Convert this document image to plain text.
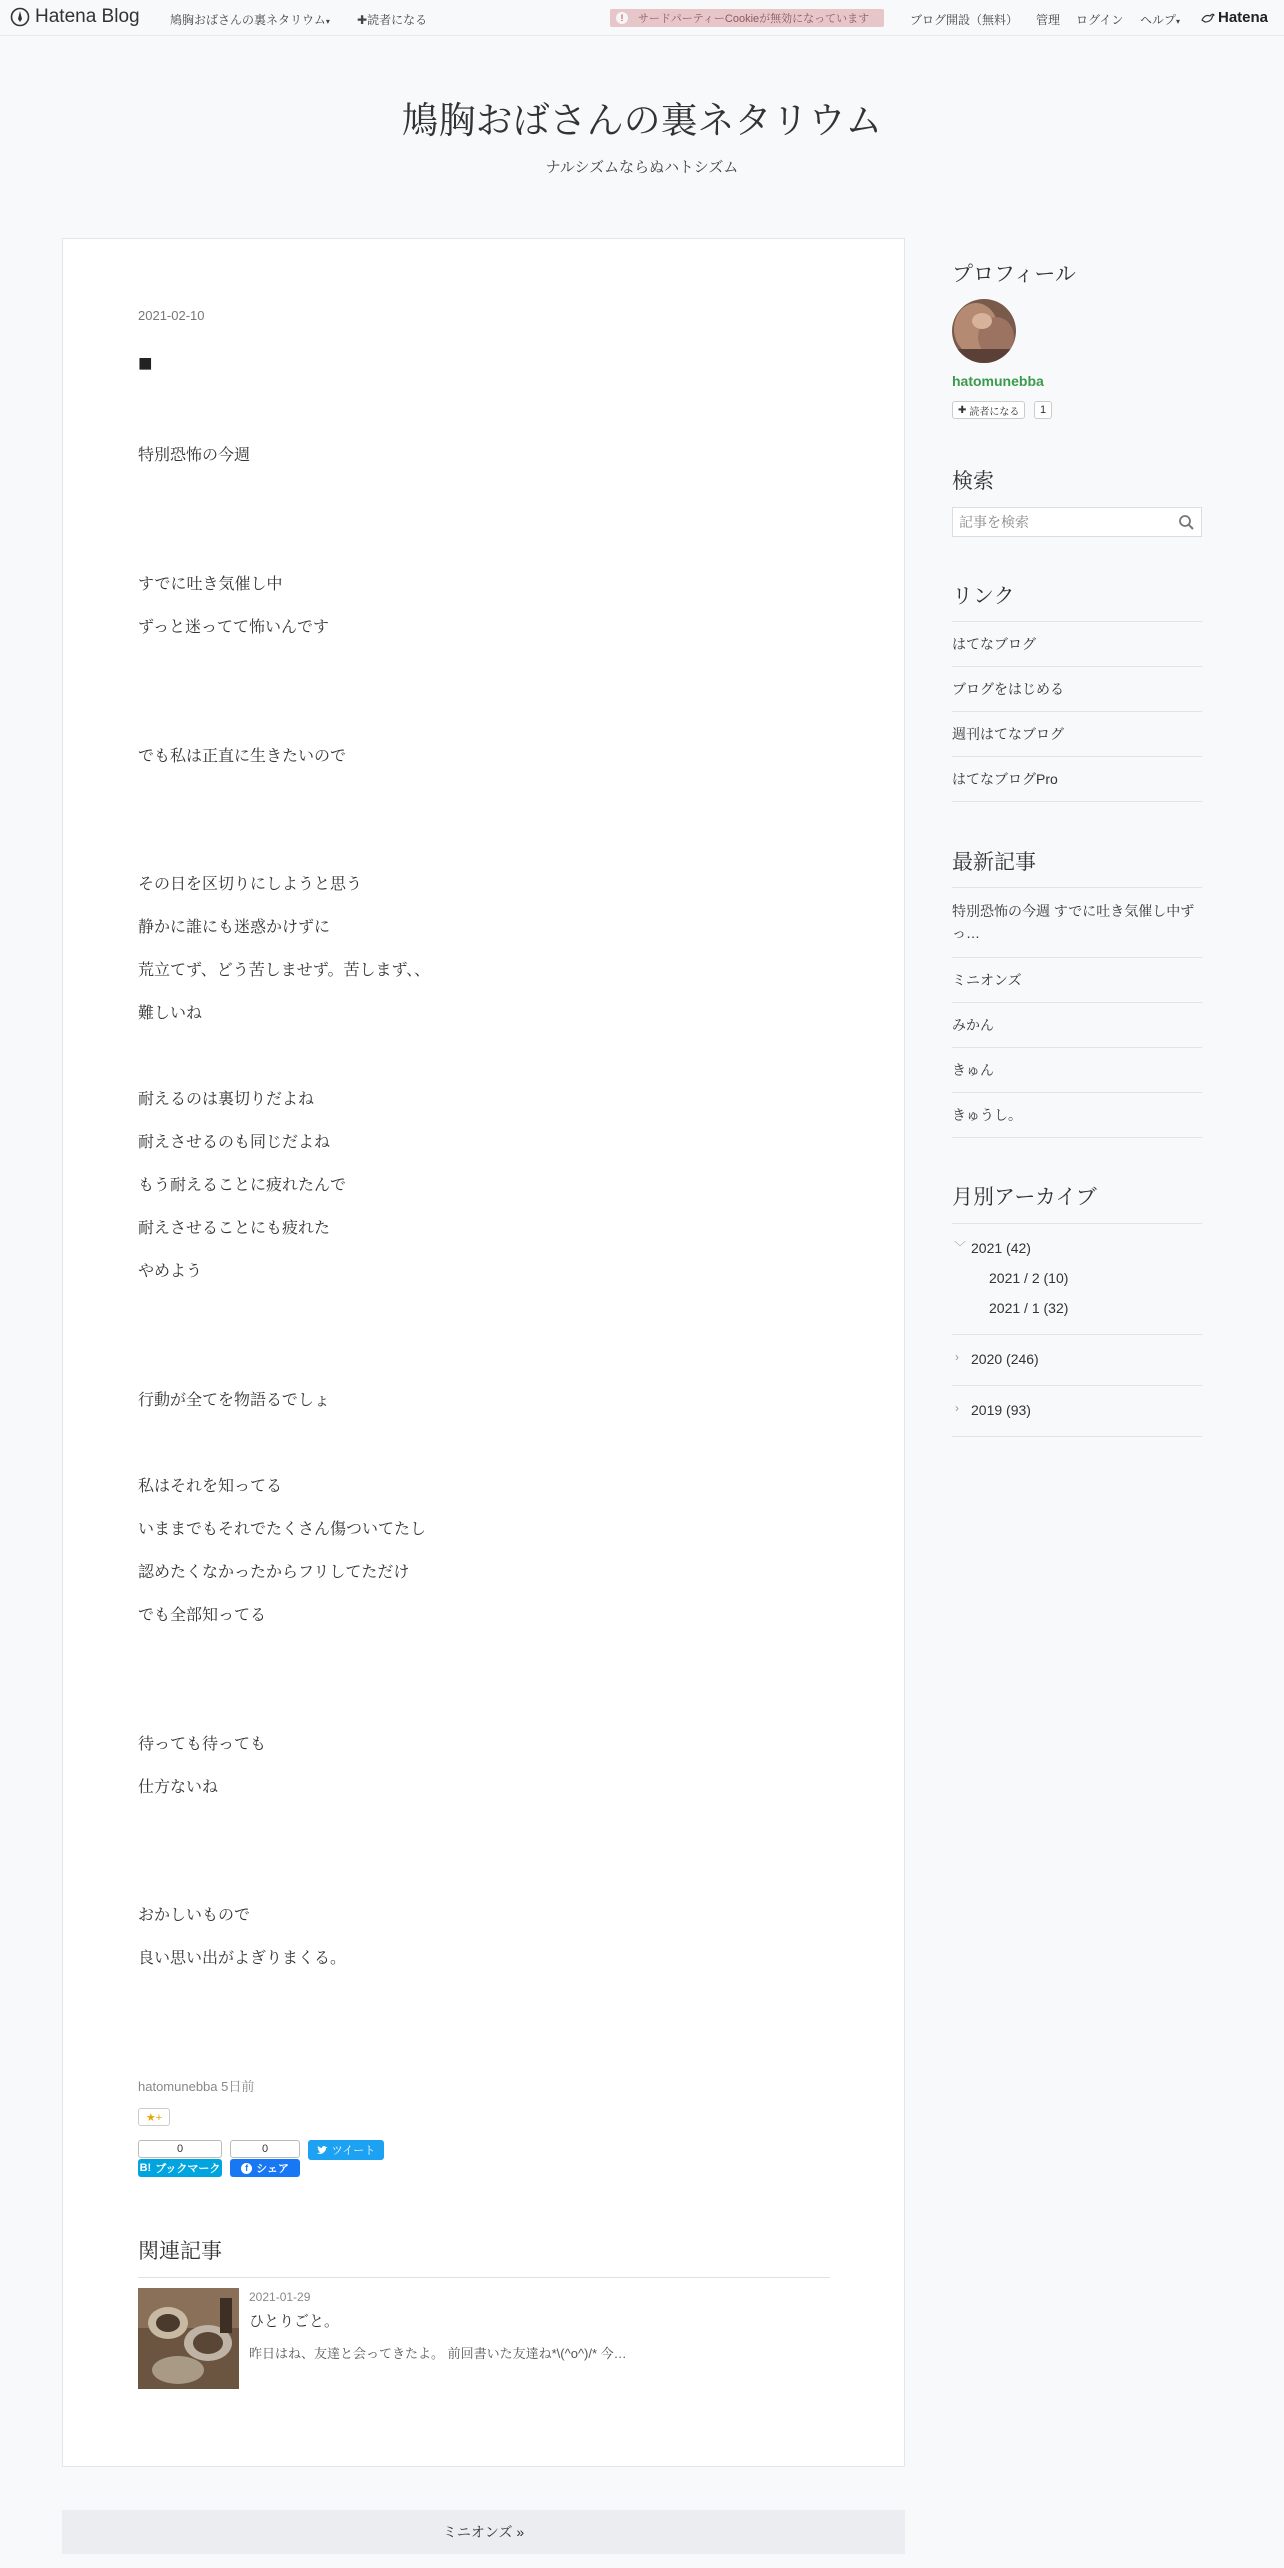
Hatena Blog	鳩胸おばさんの裏ネタリウム▾ ✚読者になる	!	サードパーティーCookieが無効になっています	ブログ開設（無料） 管理 ログイン ヘルプ▾	Hatena
鳩胸おばさんの裏ネタリウム
ナルシズムならぬハトシズム
2021-02-10
■
特別恐怖の今週
すでに吐き気催し中
ずっと迷ってて怖いんです
でも私は正直に生きたいので
その日を区切りにしようと思う
静かに誰にも迷惑かけずに
荒立てず、どう苦しませず。苦しまず、、
難しいね
耐えるのは裏切りだよね
耐えさせるのも同じだよね
もう耐えることに疲れたんで
耐えさせることにも疲れた
やめよう
行動が全てを物語るでしょ
私はそれを知ってる
いままでもそれでたくさん傷ついてたし
認めたくなかったからフリしてただけ
でも全部知ってる
待っても待っても
仕方ないね
おかしいもので
良い思い出がよぎりまくる。
hatomunebba 5日前
★+
0
B! ブックマーク
0
f シェア
ツイート
関連記事
2021-01-29
ひとりごと。
昨日はね、友達と会ってきたよ。 前回書いた友達ね*\(^o^)/* 今…
ミニオンズ »
プロフィール
hatomunebba
✚ 読者になる	1
検索
記事を検索
リンク
はてなブログ
ブログをはじめる
週刊はてなブログ
はてなブログPro
最新記事
特別恐怖の今週 すでに吐き気催し中ずっ…
ミニオンズ
みかん
きゅん
きゅうし。
月別アーカイブ
﹀ 2021 (42)
2021 / 2 (10)
2021 / 1 (32)
› 2020 (246)
› 2019 (93)
